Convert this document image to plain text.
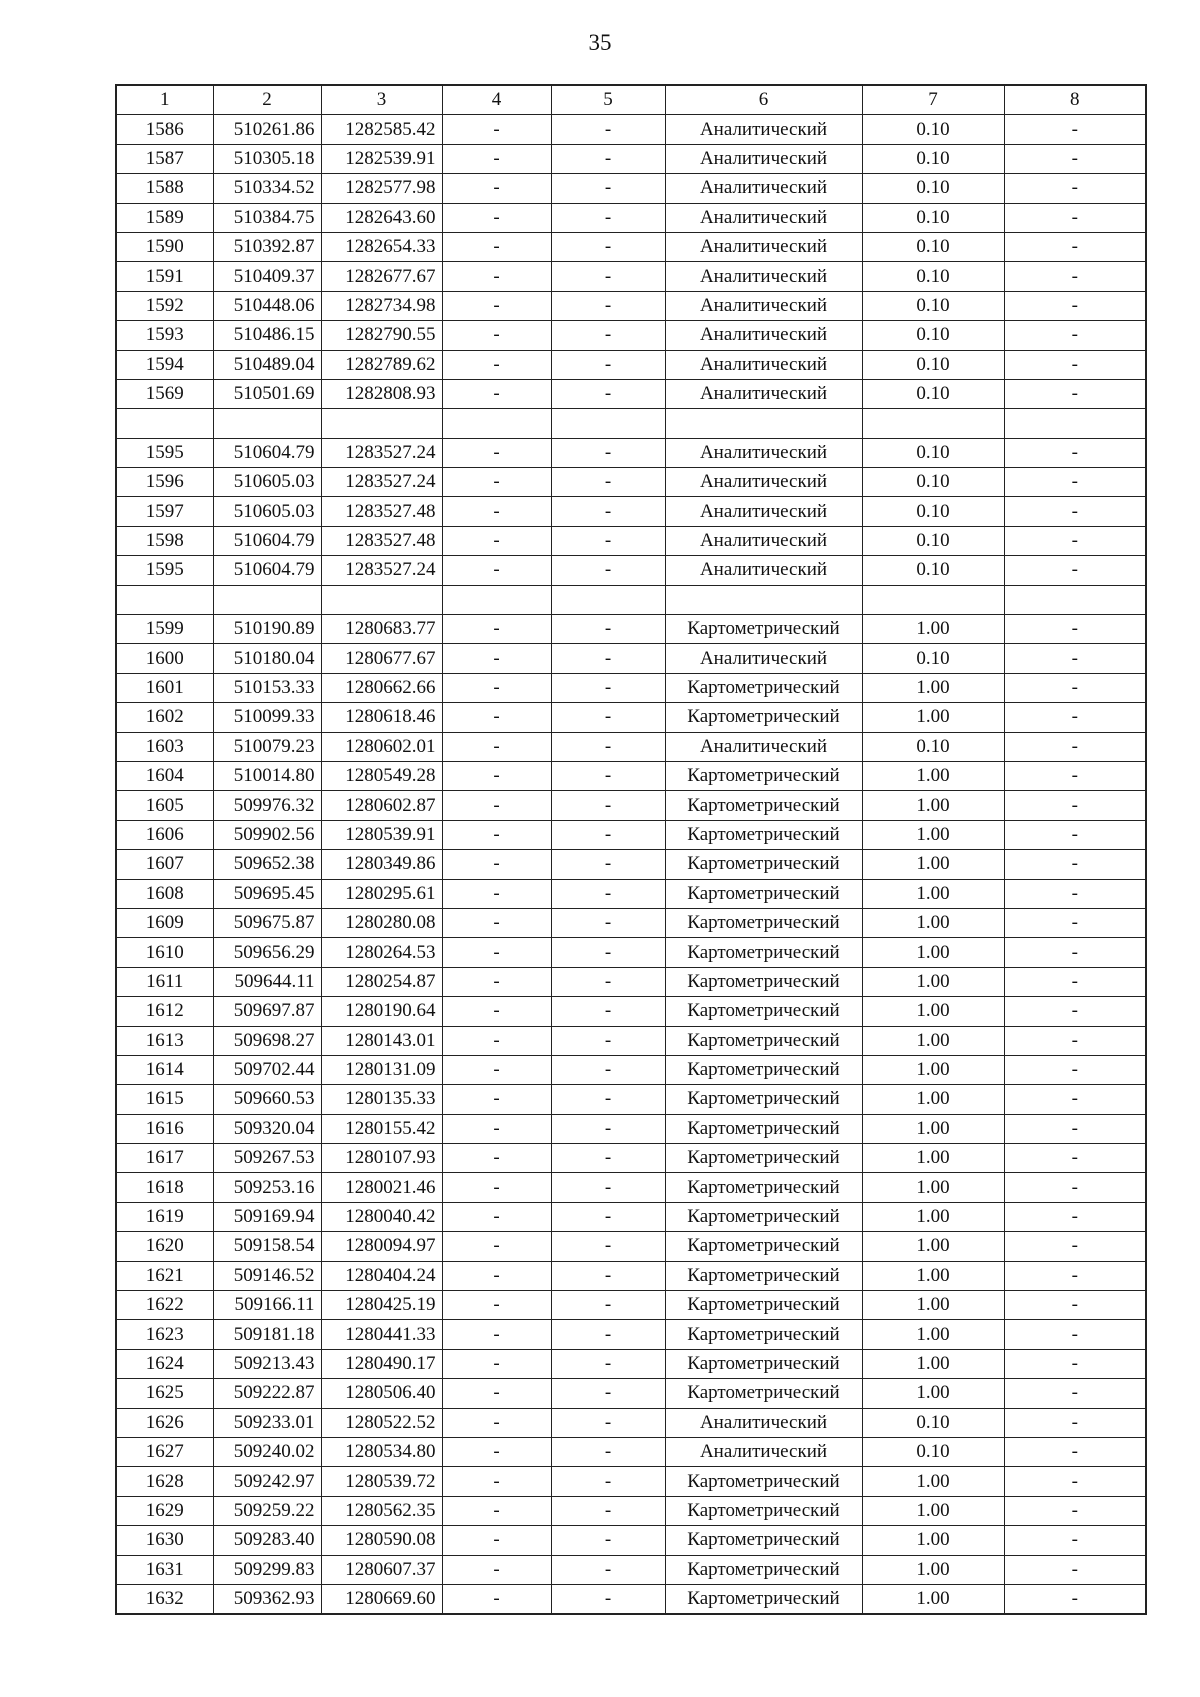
35
1	2	3	4	5	6	7	8
1586	510261.86	1282585.42	-	-	Аналитический	0.10	-
1587	510305.18	1282539.91	-	-	Аналитический	0.10	-
1588	510334.52	1282577.98	-	-	Аналитический	0.10	-
1589	510384.75	1282643.60	-	-	Аналитический	0.10	-
1590	510392.87	1282654.33	-	-	Аналитический	0.10	-
1591	510409.37	1282677.67	-	-	Аналитический	0.10	-
1592	510448.06	1282734.98	-	-	Аналитический	0.10	-
1593	510486.15	1282790.55	-	-	Аналитический	0.10	-
1594	510489.04	1282789.62	-	-	Аналитический	0.10	-
1569	510501.69	1282808.93	-	-	Аналитический	0.10	-

1595	510604.79	1283527.24	-	-	Аналитический	0.10	-
1596	510605.03	1283527.24	-	-	Аналитический	0.10	-
1597	510605.03	1283527.48	-	-	Аналитический	0.10	-
1598	510604.79	1283527.48	-	-	Аналитический	0.10	-
1595	510604.79	1283527.24	-	-	Аналитический	0.10	-

1599	510190.89	1280683.77	-	-	Картометрический	1.00	-
1600	510180.04	1280677.67	-	-	Аналитический	0.10	-
1601	510153.33	1280662.66	-	-	Картометрический	1.00	-
1602	510099.33	1280618.46	-	-	Картометрический	1.00	-
1603	510079.23	1280602.01	-	-	Аналитический	0.10	-
1604	510014.80	1280549.28	-	-	Картометрический	1.00	-
1605	509976.32	1280602.87	-	-	Картометрический	1.00	-
1606	509902.56	1280539.91	-	-	Картометрический	1.00	-
1607	509652.38	1280349.86	-	-	Картометрический	1.00	-
1608	509695.45	1280295.61	-	-	Картометрический	1.00	-
1609	509675.87	1280280.08	-	-	Картометрический	1.00	-
1610	509656.29	1280264.53	-	-	Картометрический	1.00	-
1611	509644.11	1280254.87	-	-	Картометрический	1.00	-
1612	509697.87	1280190.64	-	-	Картометрический	1.00	-
1613	509698.27	1280143.01	-	-	Картометрический	1.00	-
1614	509702.44	1280131.09	-	-	Картометрический	1.00	-
1615	509660.53	1280135.33	-	-	Картометрический	1.00	-
1616	509320.04	1280155.42	-	-	Картометрический	1.00	-
1617	509267.53	1280107.93	-	-	Картометрический	1.00	-
1618	509253.16	1280021.46	-	-	Картометрический	1.00	-
1619	509169.94	1280040.42	-	-	Картометрический	1.00	-
1620	509158.54	1280094.97	-	-	Картометрический	1.00	-
1621	509146.52	1280404.24	-	-	Картометрический	1.00	-
1622	509166.11	1280425.19	-	-	Картометрический	1.00	-
1623	509181.18	1280441.33	-	-	Картометрический	1.00	-
1624	509213.43	1280490.17	-	-	Картометрический	1.00	-
1625	509222.87	1280506.40	-	-	Картометрический	1.00	-
1626	509233.01	1280522.52	-	-	Аналитический	0.10	-
1627	509240.02	1280534.80	-	-	Аналитический	0.10	-
1628	509242.97	1280539.72	-	-	Картометрический	1.00	-
1629	509259.22	1280562.35	-	-	Картометрический	1.00	-
1630	509283.40	1280590.08	-	-	Картометрический	1.00	-
1631	509299.83	1280607.37	-	-	Картометрический	1.00	-
1632	509362.93	1280669.60	-	-	Картометрический	1.00	-
